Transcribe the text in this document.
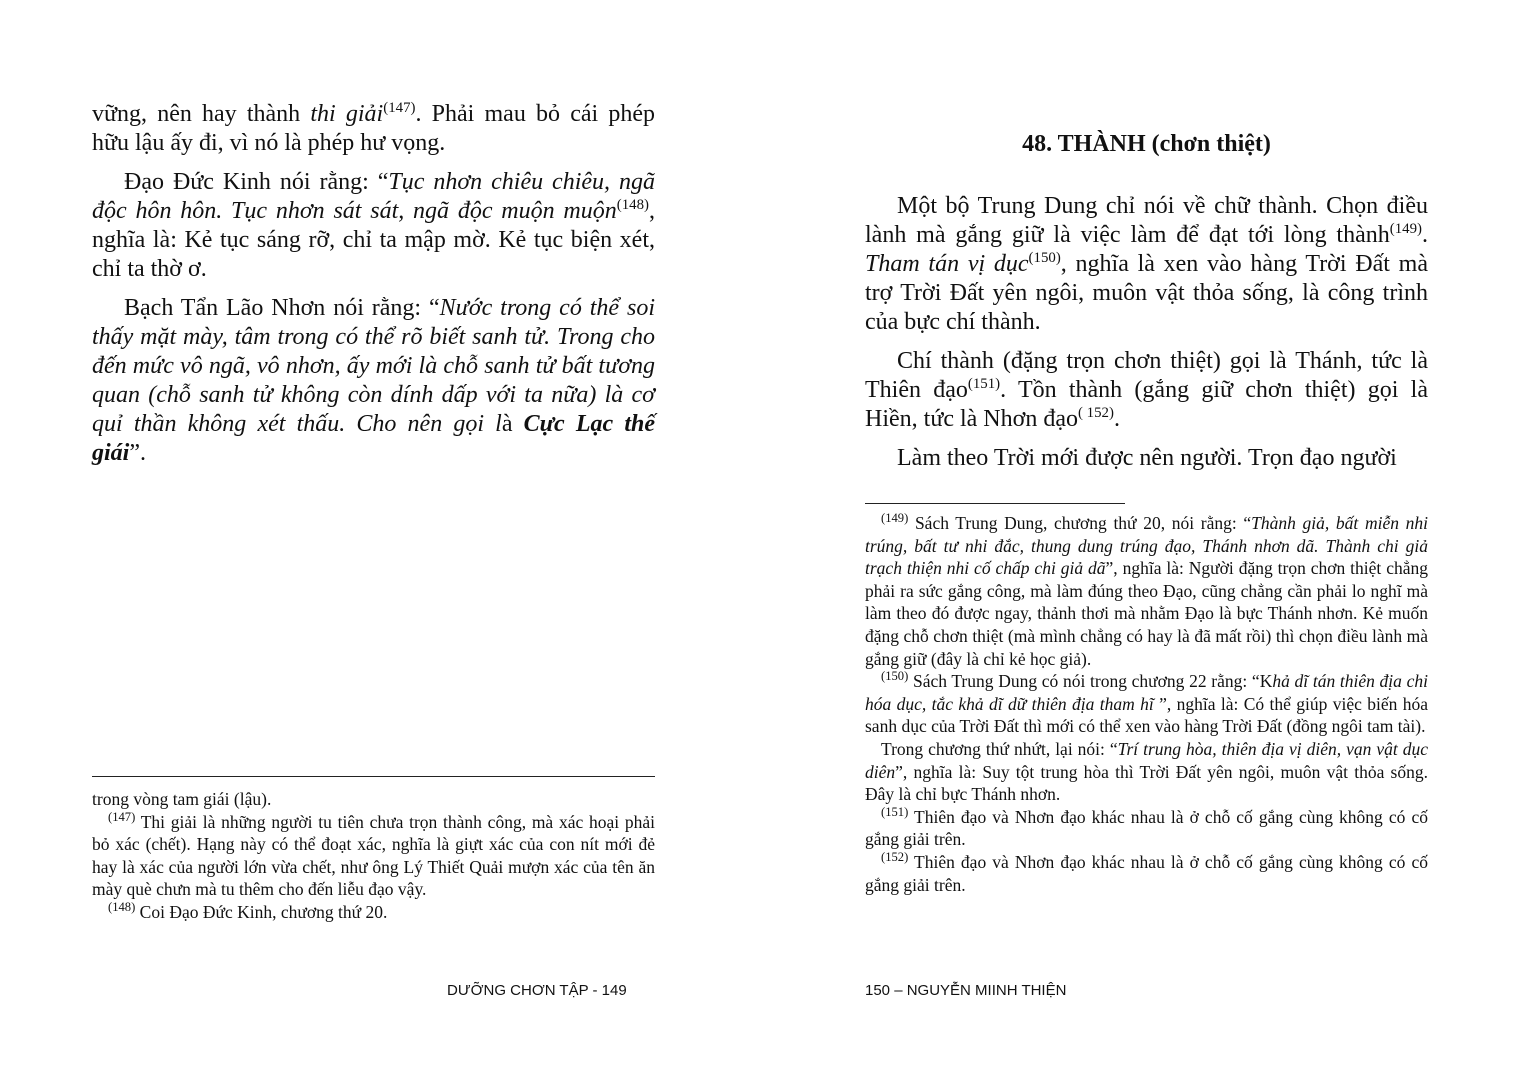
vững, nên hay thành thi giải$^{(147)}$. Phải mau bỏ cái phép hữu lậu ấy đi, vì nó là phép hư vọng.

Đạo Đức Kinh nói rằng: “Tục nhơn chiêu chiêu, ngã độc hôn hôn. Tục nhơn sát sát, ngã độc muộn muộn$^{(148)}$, nghĩa là: Kẻ tục sáng rỡ, chỉ ta mập mờ. Kẻ tục biện xét, chỉ ta thờ ơ.

Bạch Tẩn Lão Nhơn nói rằng: “Nước trong có thể soi thấy mặt mày, tâm trong có thể rõ biết sanh tử. Trong cho đến mức vô ngã, vô nhơn, ấy mới là chỗ sanh tử bất tương quan (chỗ sanh tử không còn dính dấp với ta nữa) là cơ quỉ thần không xét thấu. Cho nên gọi là Cực Lạc thế giái”.

trong vòng tam giái (lậu).

$^{(147)}$ Thi giải là những người tu tiên chưa trọn thành công, mà xác hoại phải bỏ xác (chết). Hạng này có thể đoạt xác, nghĩa là giựt xác của con nít mới đẻ hay là xác của người lớn vừa chết, như ông Lý Thiết Quải mượn xác của tên ăn mày què chưn mà tu thêm cho đến liễu đạo vậy.

$^{(148)}$ Coi Đạo Đức Kinh, chương thứ 20.

DƯỠNG CHƠN TẬP - 149
48. THÀNH (chơn thiệt)

Một bộ Trung Dung chỉ nói về chữ thành. Chọn điều lành mà gắng giữ là việc làm để đạt tới lòng thành$^{(149)}$. Tham tán vị dục$^{(150)}$, nghĩa là xen vào hàng Trời Đất mà trợ Trời Đất yên ngôi, muôn vật thỏa sống, là công trình của bực chí thành.

Chí thành (đặng trọn chơn thiệt) gọi là Thánh, tức là Thiên đạo$^{(151)}$. Tồn thành (gắng giữ chơn thiệt) gọi là Hiền, tức là Nhơn đạo$^{( 152)}$.

Làm theo Trời mới được nên người. Trọn đạo người

$^{(149)}$ Sách Trung Dung, chương thứ 20, nói rằng: “Thành giả, bất miễn nhi trúng, bất tư nhi đắc, thung dung trúng đạo, Thánh nhơn dã. Thành chi giả trạch thiện nhi cố chấp chi giả dã”, nghĩa là: Người đặng trọn chơn thiệt chẳng phải ra sức gắng công, mà làm đúng theo Đạo, cũng chẳng cần phải lo nghĩ mà làm theo đó được ngay, thảnh thơi mà nhằm Đạo là bực Thánh nhơn. Kẻ muốn đặng chỗ chơn thiệt (mà mình chẳng có hay là đã mất rồi) thì chọn điều lành mà gắng giữ (đây là chỉ kẻ học giả).

$^{(150)}$ Sách Trung Dung có nói trong chương 22 rằng: “Khả dĩ tán thiên địa chi hóa dục, tắc khả dĩ dữ thiên địa tham hĩ ”, nghĩa là: Có thể giúp việc biến hóa sanh dục của Trời Đất thì mới có thể xen vào hàng Trời Đất (đồng ngôi tam tài).

Trong chương thứ nhứt, lại nói: “Trí trung hòa, thiên địa vị diên, vạn vật dục diên”, nghĩa là: Suy tột trung hòa thì Trời Đất yên ngôi, muôn vật thỏa sống. Đây là chỉ bực Thánh nhơn.

$^{(151)}$ Thiên đạo và Nhơn đạo khác nhau là ở chỗ cố gắng cùng không có cố gắng giải trên.

$^{(152)}$ Thiên đạo và Nhơn đạo khác nhau là ở chỗ cố gắng cùng không có cố gắng giải trên.

150 – NGUYỄN MIINH THIỆN
